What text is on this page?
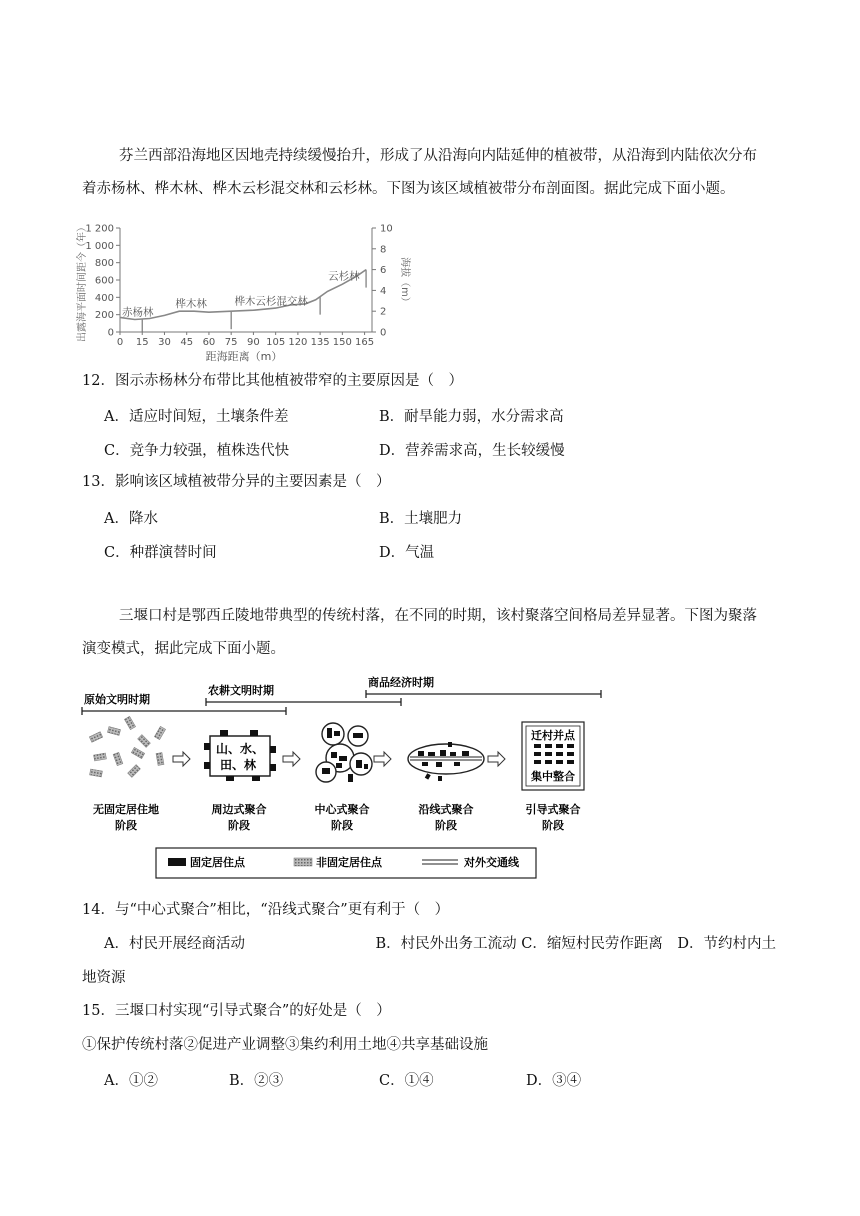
芬兰西部沿海地区因地壳持续缓慢抬升，形成了从沿海向内陆延伸的植被带，从沿海到内陆依次分布
着赤杨林、桦木林、桦木云杉混交林和云杉林。下图为该区域植被带分布剖面图。据此完成下面小题。
0
200
400
600
800
1 000
1 200
0
2
4
6
8
10
0 15 30 45 60 75 90 105 120 135 150 165
赤杨林
桦木林	桦木云杉混交林
云杉林
距海距离（m）
出露海平面时间距今（年）	海拔（m）
12．图示赤杨林分布带比其他植被带窄的主要原因是（　）
A．适应时间短，土壤条件差	B．耐旱能力弱，水分需求高
C．竞争力较强，植株迭代快	D．营养需求高，生长较缓慢
13．影响该区域植被带分异的主要因素是（　）
A．降水	B．土壤肥力
C．种群演替时间	D．气温
三堰口村是鄂西丘陵地带典型的传统村落，在不同的时期，该村聚落空间格局差异显著。下图为聚落
演变模式，据此完成下面小题。
原始文明时期
农耕文明时期
商品经济时期
山、水、
田、林
迁村并点
集中整合
无固定居住地
阶段
周边式聚合
阶段
中心式聚合
阶段
沿线式聚合
阶段
引导式聚合
阶段
固定居住点	非固定居住点	对外交通线
14．与“中心式聚合”相比，“沿线式聚合”更有利于（　）
A．村民开展经商活动　　　　　　　　　B．村民外出务工流动 C．缩短村民劳作距离　D．节约村内土
地资源
15．三堰口村实现“引导式聚合”的好处是（　）
①保护传统村落②促进产业调整③集约利用土地④共享基础设施
A．①②	B．②③	C．①④	D．③④
